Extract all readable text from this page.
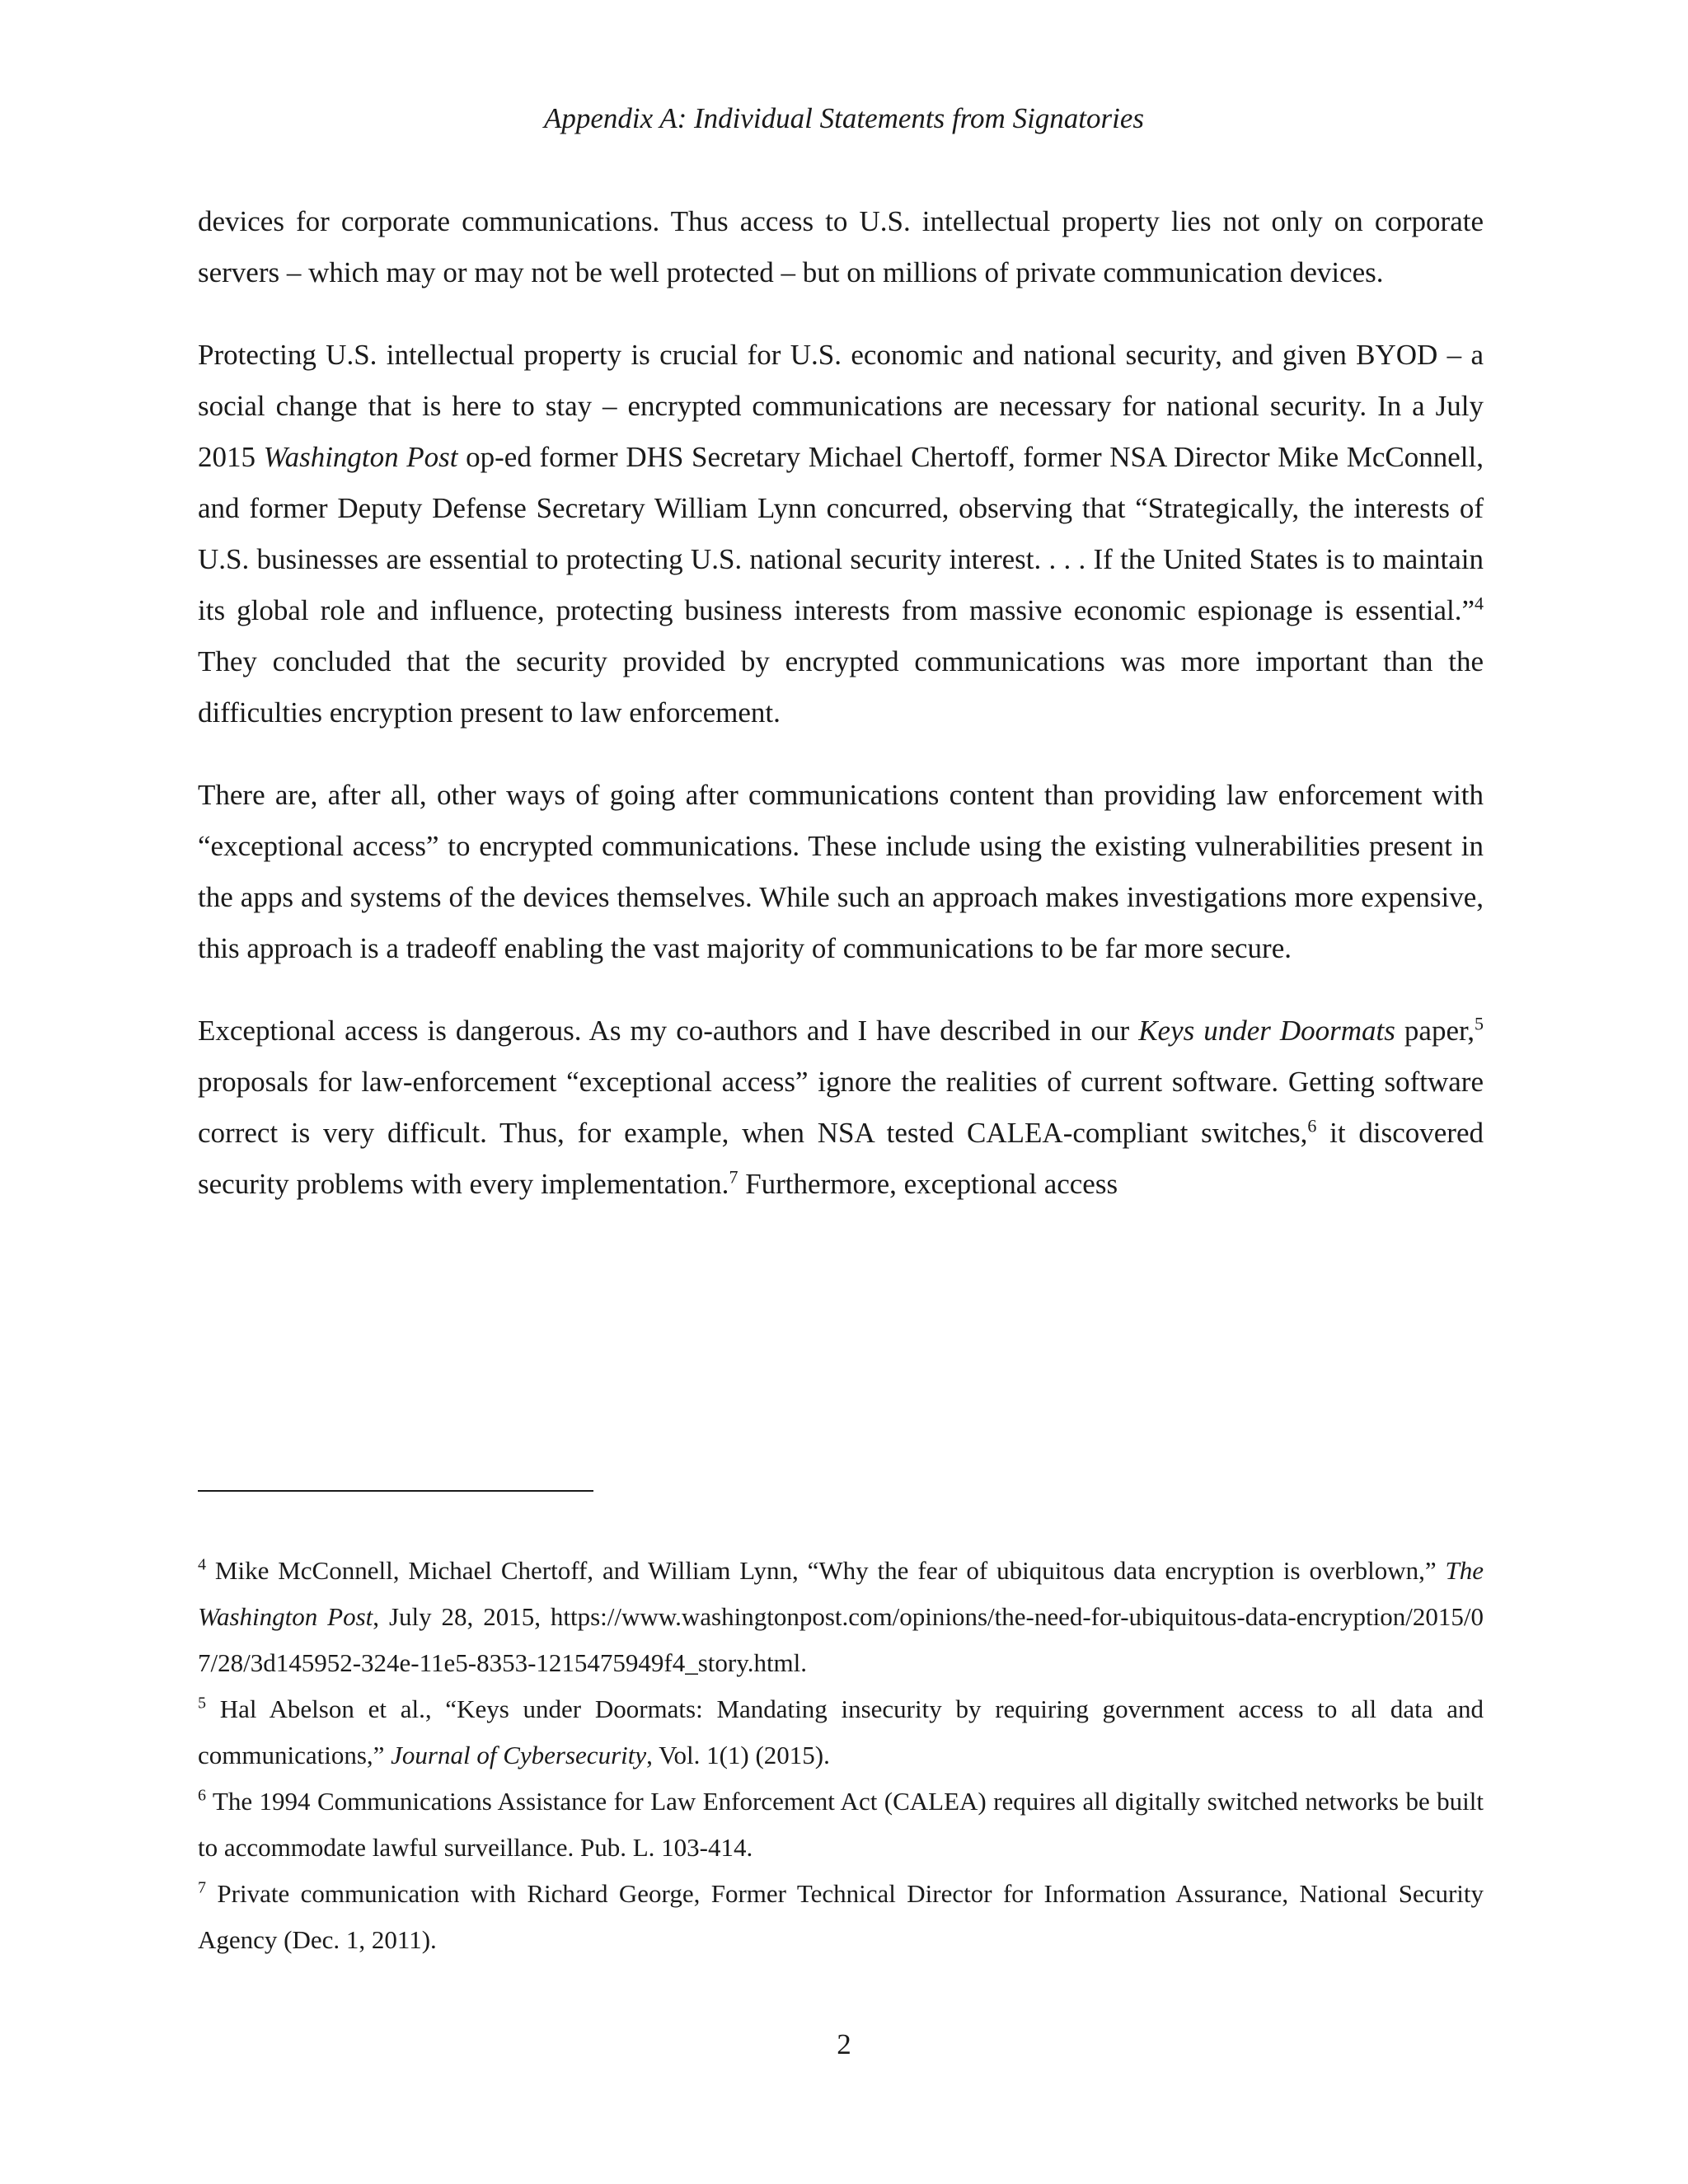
Appendix A: Individual Statements from Signatories

devices for corporate communications. Thus access to U.S. intellectual property lies not only on corporate servers – which may or may not be well protected – but on millions of private communication devices.

Protecting U.S. intellectual property is crucial for U.S. economic and national security, and given BYOD – a social change that is here to stay – encrypted communications are necessary for national security. In a July 2015 Washington Post op-ed former DHS Secretary Michael Chertoff, former NSA Director Mike McConnell, and former Deputy Defense Secretary William Lynn concurred, observing that “Strategically, the interests of U.S. businesses are essential to protecting U.S. national security interest. . . . If the United States is to maintain its global role and influence, protecting business interests from massive economic espionage is essential.”$^4$ They concluded that the security provided by encrypted communications was more important than the difficulties encryption present to law enforcement.

There are, after all, other ways of going after communications content than providing law enforcement with “exceptional access” to encrypted communications. These include using the existing vulnerabilities present in the apps and systems of the devices themselves. While such an approach makes investigations more expensive, this approach is a tradeoff enabling the vast majority of communications to be far more secure.

Exceptional access is dangerous. As my co-authors and I have described in our Keys under Doormats paper,$^5$ proposals for law-enforcement “exceptional access” ignore the realities of current software. Getting software correct is very difficult. Thus, for example, when NSA tested CALEA-compliant switches,$^6$ it discovered security problems with every implementation.$^7$ Furthermore, exceptional access

$^4$ Mike McConnell, Michael Chertoff, and William Lynn, “Why the fear of ubiquitous data encryption is overblown,” The Washington Post, July 28, 2015, https://www.washingtonpost.com/opinions/the-need-for-ubiquitous-data-encryption/2015/07/28/3d145952-324e-11e5-8353-1215475949f4_story.html.
$^5$ Hal Abelson et al., “Keys under Doormats: Mandating insecurity by requiring government access to all data and communications,” Journal of Cybersecurity, Vol. 1(1) (2015).
$^6$ The 1994 Communications Assistance for Law Enforcement Act (CALEA) requires all digitally switched networks be built to accommodate lawful surveillance. Pub. L. 103-414.
$^7$ Private communication with Richard George, Former Technical Director for Information Assurance, National Security Agency (Dec. 1, 2011).
2
